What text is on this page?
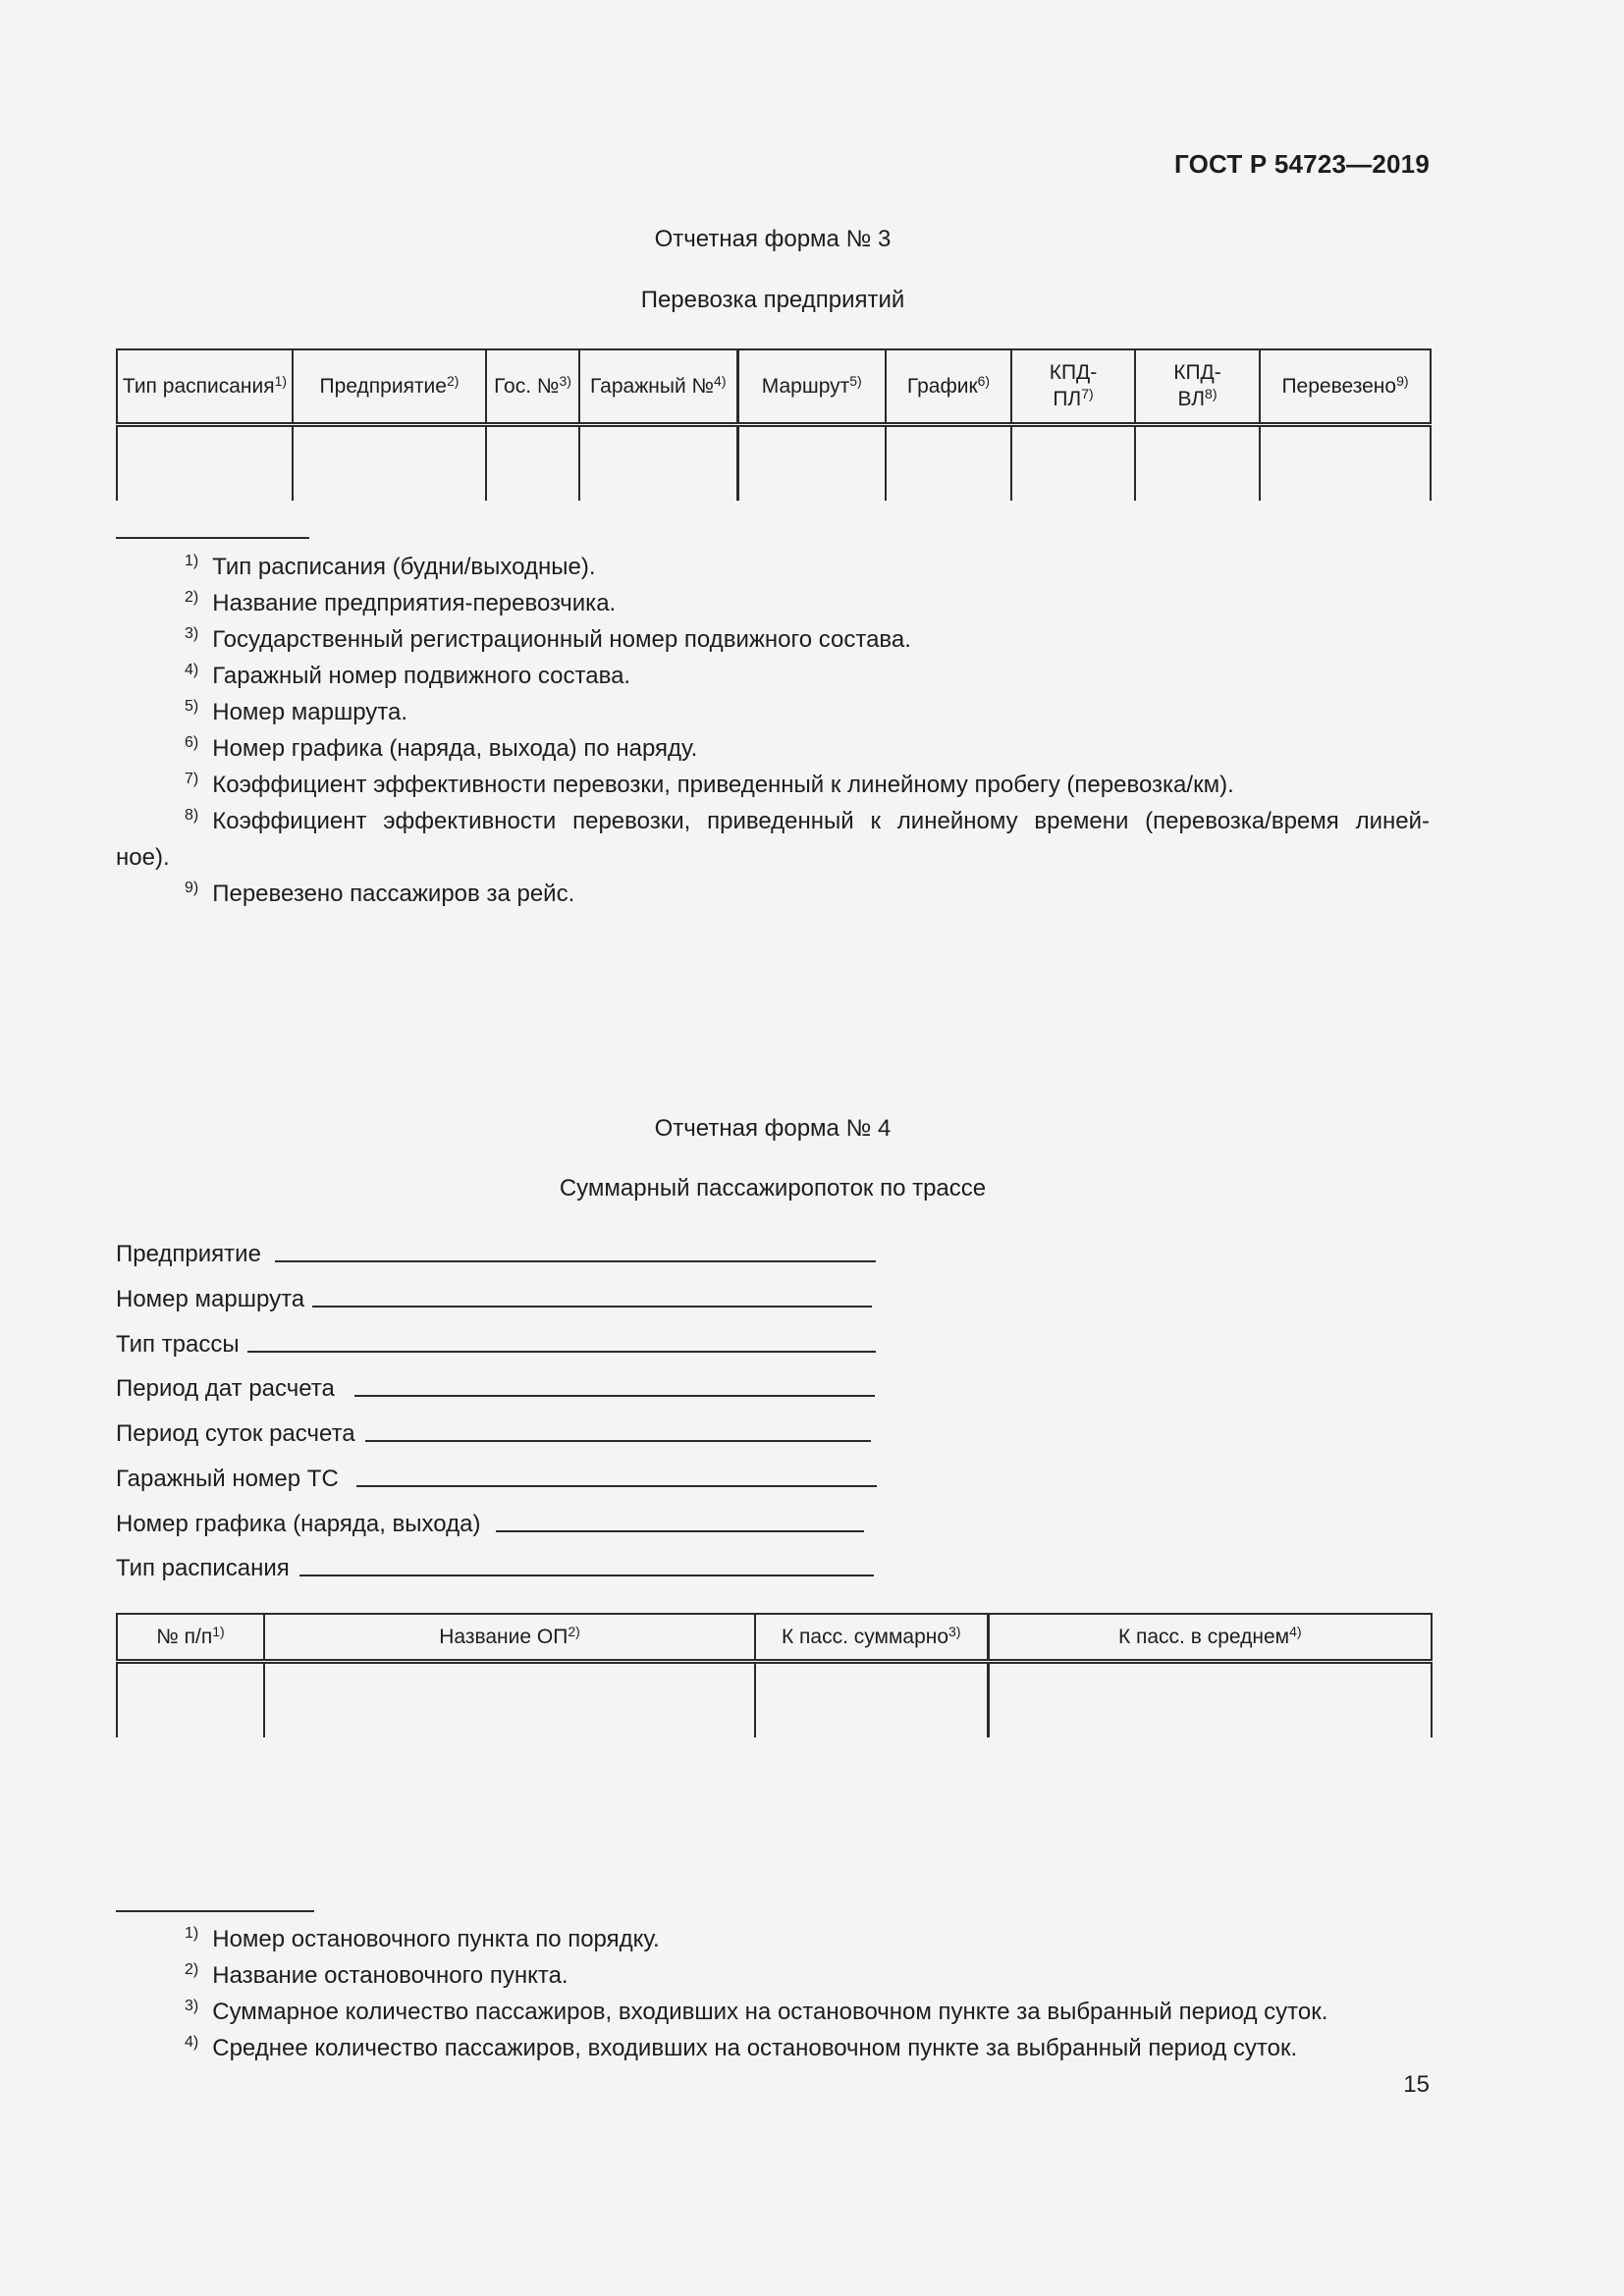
ГОСТ Р 54723—2019
Отчетная форма № 3
Перевозка предприятий
Тип расписания$^{1)}$	Предприятие$^{2)}$	Гос. №$^{3)}$	Гаражный №$^{4)}$	Маршрут$^{5)}$	График$^{6)}$	КПД-ПЛ$^{7)}$	КПД-ВЛ$^{8)}$	Перевезено$^{9)}$

$^{1)}$ Тип расписания (будни/выходные).
$^{2)}$ Название предприятия-перевозчика.
$^{3)}$ Государственный регистрационный номер подвижного состава.
$^{4)}$ Гаражный номер подвижного состава.
$^{5)}$ Номер маршрута.
$^{6)}$ Номер графика (наряда, выхода) по наряду.
$^{7)}$ Коэффициент эффективности перевозки, приведенный к линейному пробегу (перевозка/км).
$^{8)}$ Коэффициент эффективности перевозки, приведенный к линейному времени (перевозка/время линей-
ное).
$^{9)}$ Перевезено пассажиров за рейс.
Отчетная форма № 4
Суммарный пассажиропоток по трассе
Предприятие
Номер маршрута
Тип трассы
Период дат расчета
Период суток расчета
Гаражный номер ТС
Номер графика (наряда, выхода)
Тип расписания
№ $п/п^{1)}$	Название ОП$^{2)}$	К пасс. суммарно$^{3)}$	К пасс. в среднем$^{4)}$

$^{1)}$ Номер остановочного пункта по порядку.
$^{2)}$ Название остановочного пункта.
$^{3)}$ Суммарное количество пассажиров, входивших на остановочном пункте за выбранный период суток.
$^{4)}$ Среднее количество пассажиров, входивших на остановочном пункте за выбранный период суток.
15
